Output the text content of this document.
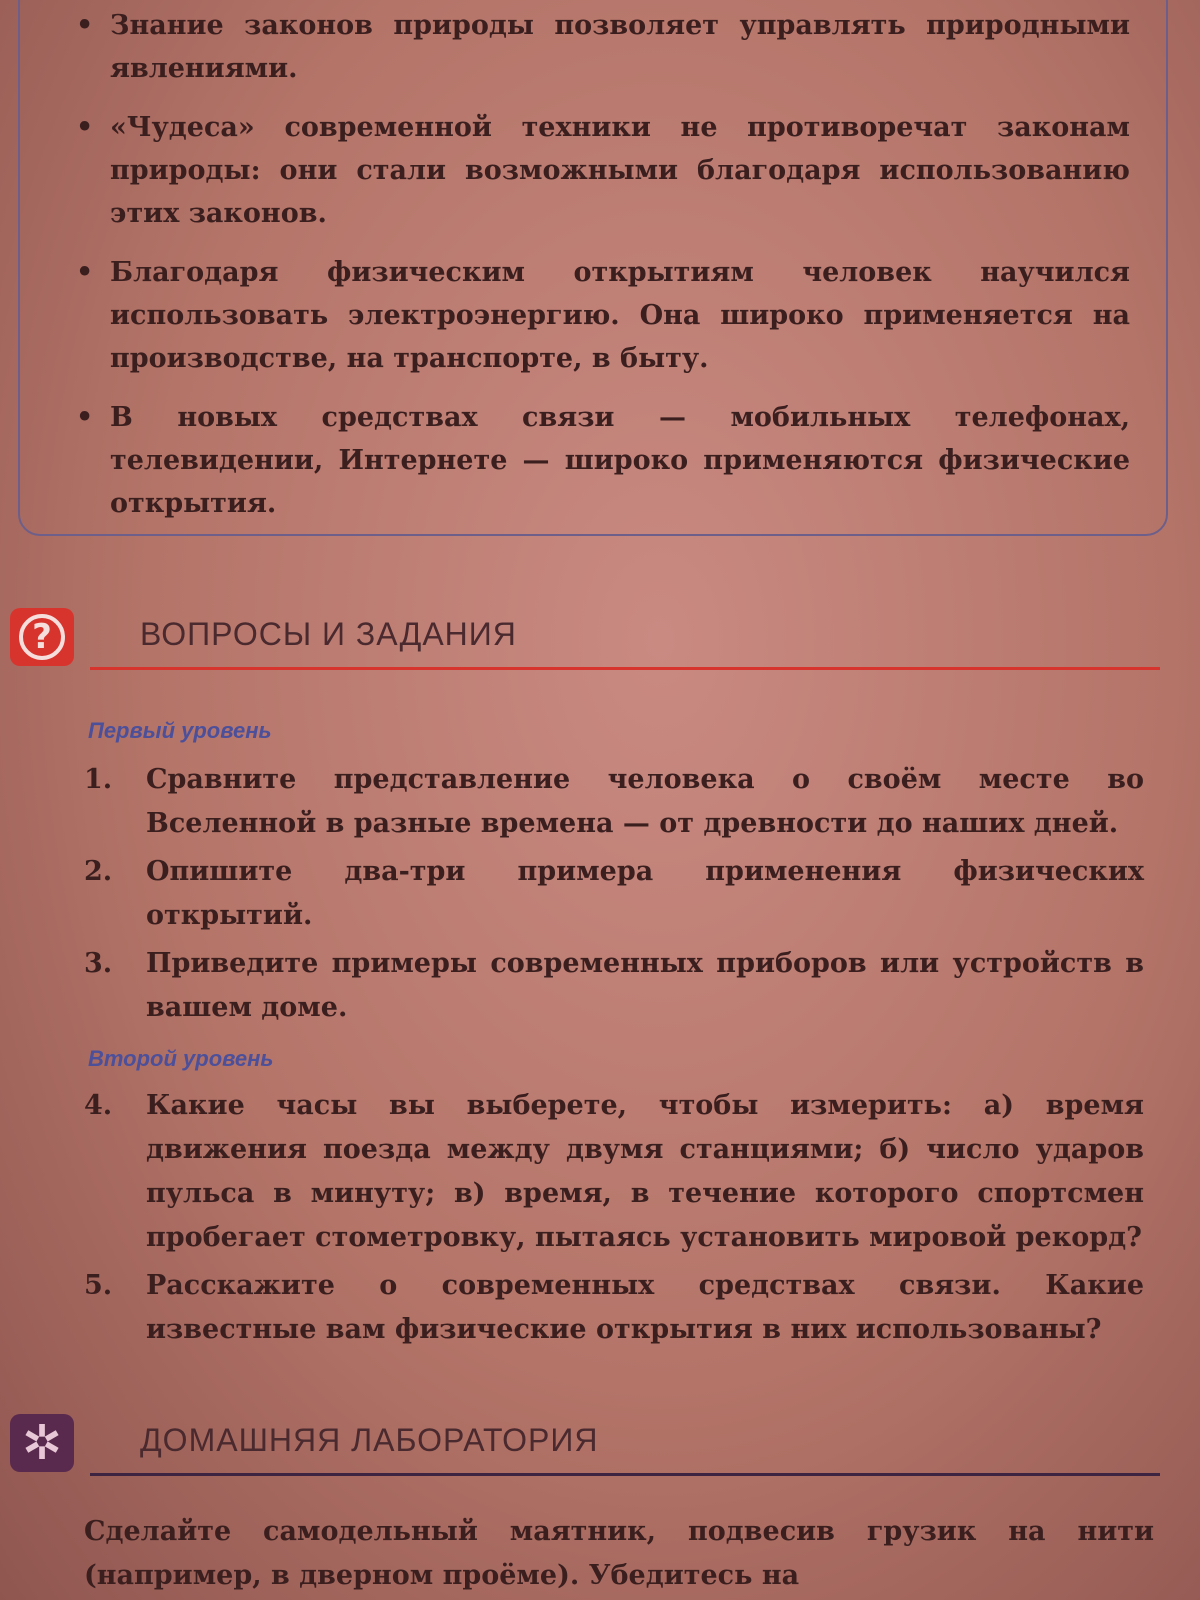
• Знание законов природы позволяет управлять природными явлениями.
• «Чудеса» современной техники не противоречат законам природы: они стали возможными благодаря использованию этих законов.
• Благодаря физическим открытиям человек научился использовать электроэнергию. Она широко применяется на производстве, на транспорте, в быту.
• В новых средствах связи — мобильных телефонах, телевидении, Интернете — широко применяются физические открытия.
?	ВОПРОСЫ И ЗАДАНИЯ
Первый уровень
1. Сравните представление человека о своём месте во Вселенной в разные времена — от древности до наших дней.
2. Опишите два-три примера применения физических открытий.
3. Приведите примеры современных приборов или устройств в вашем доме.
Второй уровень
4. Какие часы вы выберете, чтобы измерить: а) время движения поезда между двумя станциями; б) число ударов пульса в минуту; в) время, в течение которого спортсмен пробегает стометровку, пытаясь установить мировой рекорд?
5. Расскажите о современных средствах связи. Какие известные вам физические открытия в них использованы?
✲	ДОМАШНЯЯ ЛАБОРАТОРИЯ

Сделайте самодельный маятник, подвесив грузик на нити (например, в дверном проёме). Убедитесь на
